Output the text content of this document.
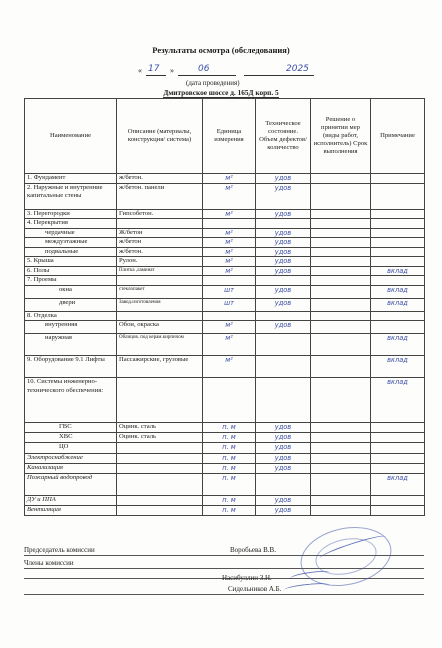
Результаты осмотра (обследования)
« 17 »	06	2025
(дата проведения)
Дмитровское шоссе д. 165Д корп. 5
Наименование	Описание (материалы, конструкция/ система)	Единица измерения	Техническое состояние. Объем дефектов/ количество	Решение о принятии мер (виды работ, исполнитель) Срок выполнения	Примечание
1. Фундамент	ж/бетон.	м²	удов		
2. Наружные и внутренние капитальные стены	ж/бетон. панели	м²	удов		
3. Перегородки	Гипсобетон.	м²	удов		
4. Перекрытия					
чердачные	Ж/бетон	м²	удов		
междуэтажные	ж/бетон	м²	удов		
подвальные	ж/бетон.	м²	удов		
5. Крыша	Рулон.	м²	удов		
6. Полы	Плитка ,ламинат	м²	удов		вклад
7. Проемы					
окна	стеклопакет	шт	удов		вклад
двери	Завод.изготовления	шт	удов		вклад
8. Отделка					
внутренняя	Обои, окраска	м²	удов		
наружная	Облицов. под керам.кирпичом	м²			вклад
9. Оборудование 9.1 Лифты	Пассажирские, грузовые	м²			вклад
10. Системы инженерно-технического обеспечения:					вклад
ГВС	Оцинк. сталь	п. м	удов		
ХВС	Оцинк. сталь	п. м	удов		
ЦО		п. м	удов		
Электроснабжение		п. м	удов		
Канализация		п. м	удов		
Пожарный водопровод		п. м			вклад
ДУ и ППА		п. м	удов		
Вентиляция		п. м	удов		
Председатель комиссии	Воробьева В.В.
Члены комиссии
Насибуллин З.Н.
Сидельников А.Б.
